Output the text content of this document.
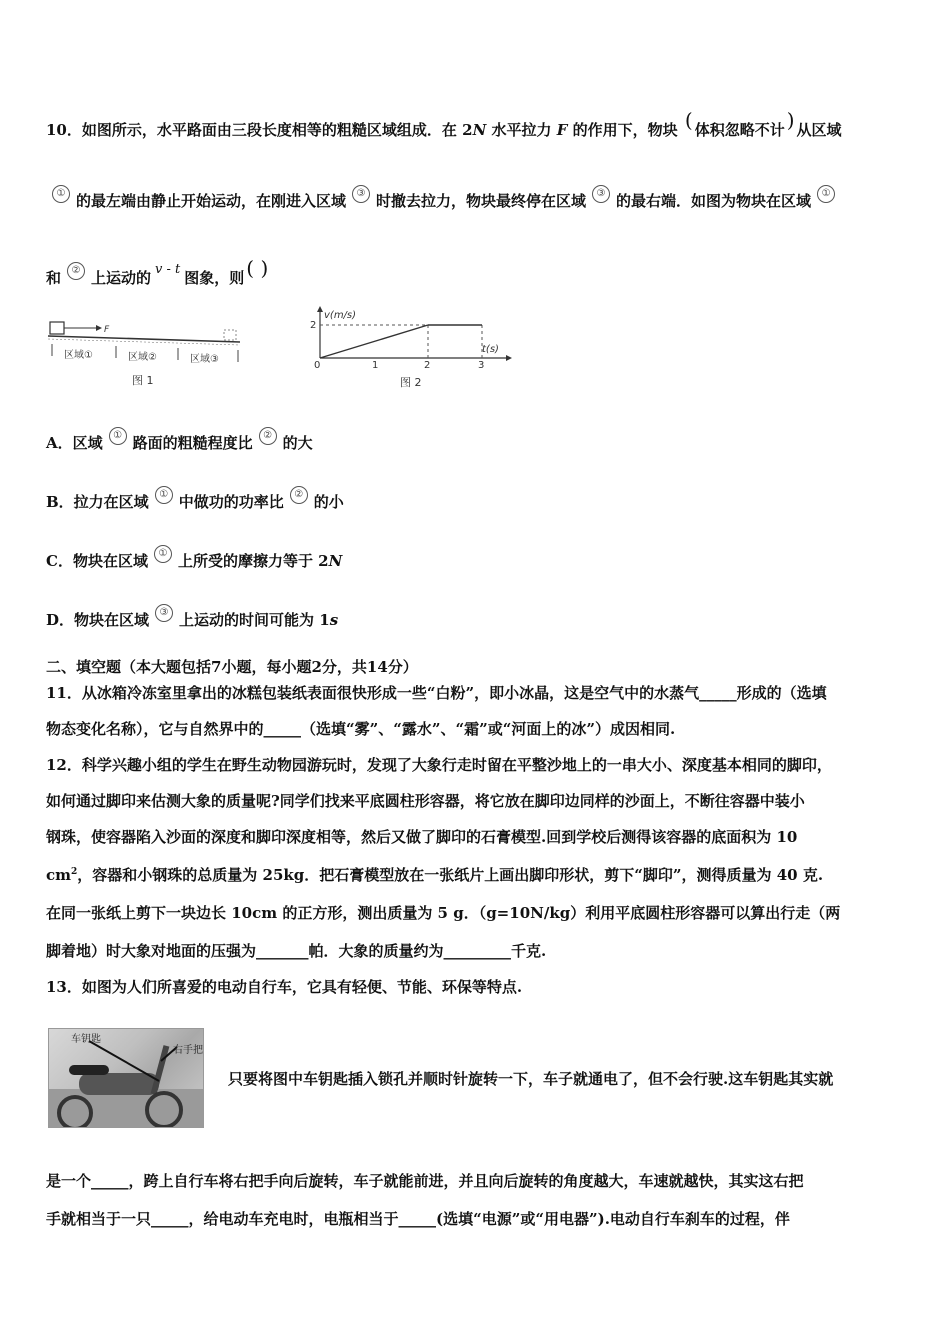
10．如图所示，水平路面由三段长度相等的粗糙区域组成．在 2N 水平拉力 F 的作用下，物块 ( 体积忽略不计 ) 从区域
① 的最左端由静止开始运动，在刚进入区域 ③ 时撤去拉力，物块最终停在区域 ③ 的最右端．如图为物块在区域 ①
和 ② 上运动的 v - t 图象，则 ( )
F
区域①	区域②	区域③
图 1
v(m/s)
t(s)
2
0	1	2	3
图 2
A．区域 ① 路面的粗糙程度比 ② 的大
B．拉力在区域 ① 中做功的功率比 ② 的小
C．物块在区域 ① 上所受的摩擦力等于 2N
D．物块在区域 ③ 上运动的时间可能为 1s
二、填空题（本大题包括7小题，每小题2分，共14分）
11．从冰箱冷冻室里拿出的冰糕包装纸表面很快形成一些“白粉”，即小冰晶，这是空气中的水蒸气_____形成的（选填
物态变化名称），它与自然界中的_____（选填“雾”、“露水”、“霜”或“河面上的冰”）成因相同.
12．科学兴趣小组的学生在野生动物园游玩时，发现了大象行走时留在平整沙地上的一串大小、深度基本相同的脚印，
如何通过脚印来估测大象的质量呢?同学们找来平底圆柱形容器，将它放在脚印边同样的沙面上，不断往容器中装小
钢珠，使容器陷入沙面的深度和脚印深度相等，然后又做了脚印的石膏模型.回到学校后测得该容器的底面积为 10
$cm^2$，容器和小钢珠的总质量为 25kg．把石膏模型放在一张纸片上画出脚印形状，剪下“脚印”，测得质量为 40 克.
在同一张纸上剪下一块边长 10cm 的正方形，测出质量为 5 g．（g=10N/kg）利用平底圆柱形容器可以算出行走（两
脚着地）时大象对地面的压强为_______帕．大象的质量约为_________千克.
13．如图为人们所喜爱的电动自行车，它具有轻便、节能、环保等特点.
车钥匙
右手把
只要将图中车钥匙插入锁孔并顺时针旋转一下，车子就通电了，但不会行驶.这车钥匙其实就
是一个_____，跨上自行车将右把手向后旋转，车子就能前进，并且向后旋转的角度越大，车速就越快，其实这右把
手就相当于一只_____，给电动车充电时，电瓶相当于_____(选填“电源”或“用电器”).电动自行车刹车的过程，伴
